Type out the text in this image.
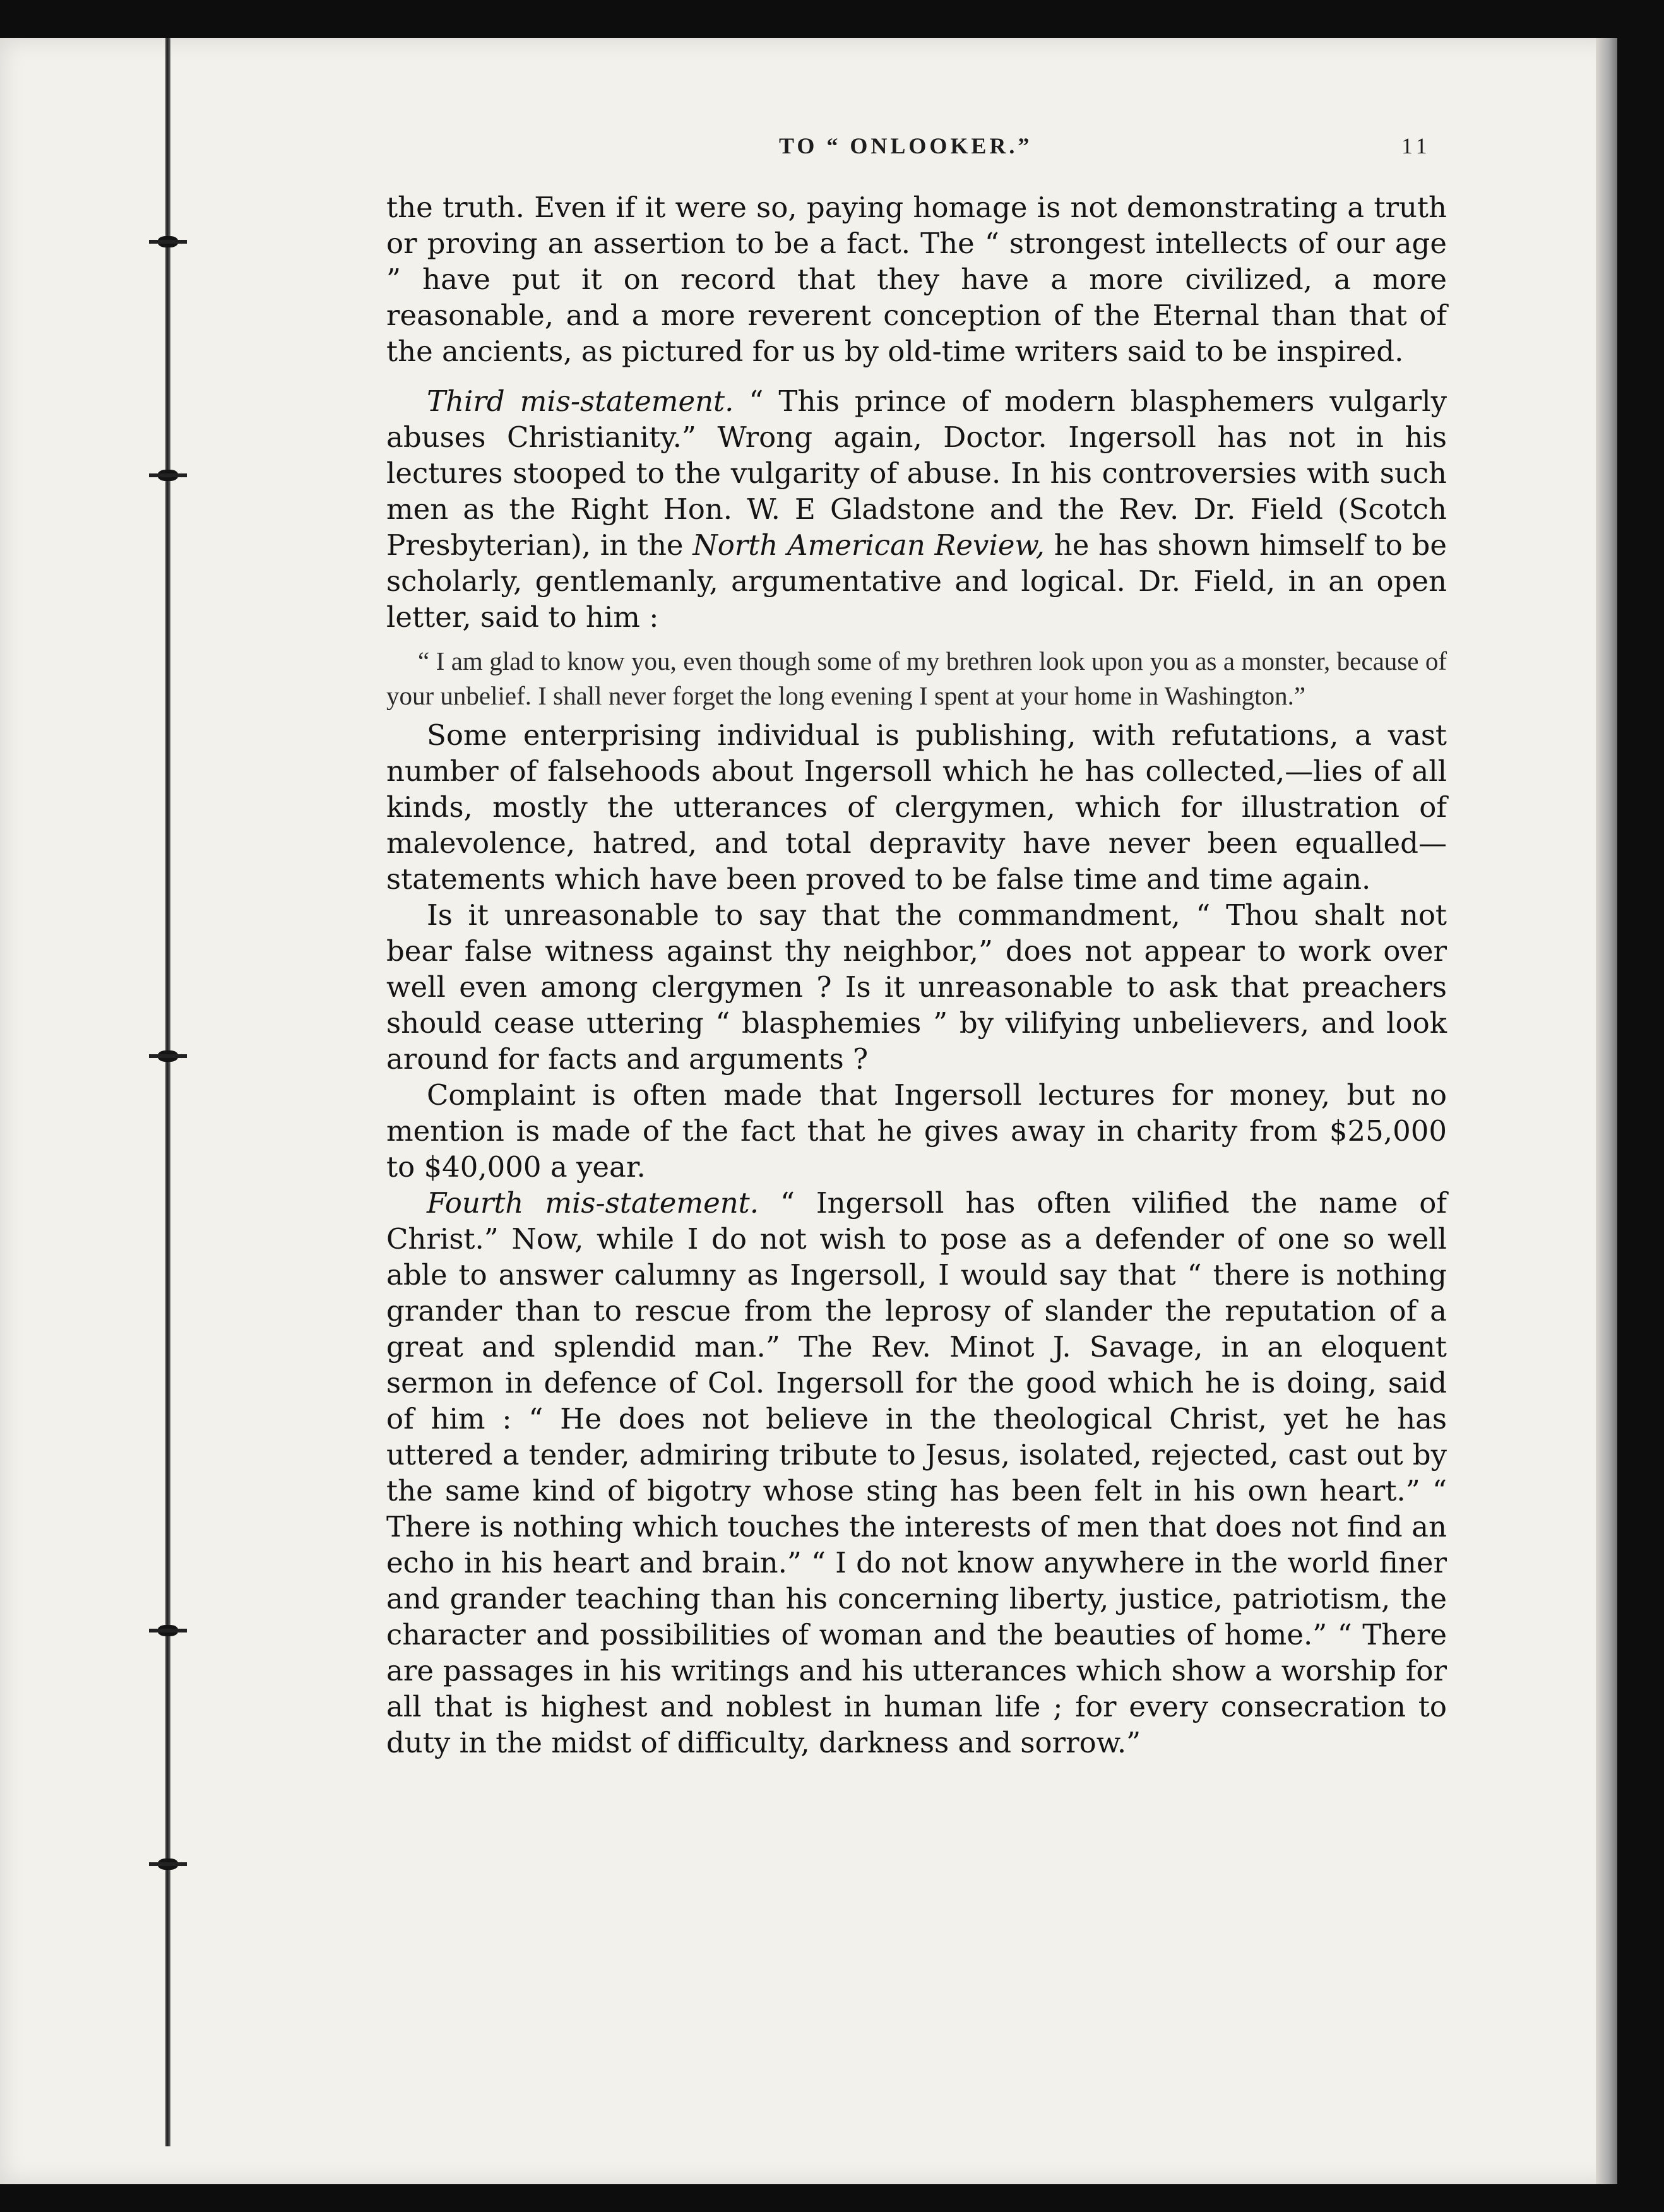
TO “ ONLOOKER.”	11

the truth. Even if it were so, paying homage is not demonstrating a truth or proving an assertion to be a fact. The “ strongest intellects of our age ” have put it on record that they have a more civilized, a more reasonable, and a more reverent conception of the Eternal than that of the ancients, as pictured for us by old-time writers said to be inspired.

Third mis-statement. “ This prince of modern blasphemers vulgarly abuses Christianity.” Wrong again, Doctor. Ingersoll has not in his lectures stooped to the vulgarity of abuse. In his controversies with such men as the Right Hon. W. E Gladstone and the Rev. Dr. Field (Scotch Presbyterian), in the North American Review, he has shown himself to be scholarly, gentlemanly, argumentative and logical. Dr. Field, in an open letter, said to him :

“ I am glad to know you, even though some of my brethren look upon you as a monster, because of your unbelief. I shall never forget the long evening I spent at your home in Washington.”

Some enterprising individual is publishing, with refutations, a vast number of falsehoods about Ingersoll which he has collected,—lies of all kinds, mostly the utterances of clergymen, which for illustration of malevolence, hatred, and total depravity have never been equalled—statements which have been proved to be false time and time again.

Is it unreasonable to say that the commandment, “ Thou shalt not bear false witness against thy neighbor,” does not appear to work over well even among clergymen ? Is it unreasonable to ask that preachers should cease uttering “ blasphemies ” by vilifying unbelievers, and look around for facts and arguments ?

Complaint is often made that Ingersoll lectures for money, but no mention is made of the fact that he gives away in charity from $25,000 to $40,000 a year.

Fourth mis-statement. “ Ingersoll has often vilified the name of Christ.” Now, while I do not wish to pose as a defender of one so well able to answer calumny as Ingersoll, I would say that “ there is nothing grander than to rescue from the leprosy of slander the reputation of a great and splendid man.” The Rev. Minot J. Savage, in an eloquent sermon in defence of Col. Ingersoll for the good which he is doing, said of him : “ He does not believe in the theological Christ, yet he has uttered a tender, admiring tribute to Jesus, isolated, rejected, cast out by the same kind of bigotry whose sting has been felt in his own heart.” “ There is nothing which touches the interests of men that does not find an echo in his heart and brain.” “ I do not know anywhere in the world finer and grander teaching than his concerning liberty, justice, patriotism, the character and possibilities of woman and the beauties of home.” “ There are passages in his writings and his utterances which show a worship for all that is highest and noblest in human life ; for every consecration to duty in the midst of difficulty, darkness and sorrow.”
